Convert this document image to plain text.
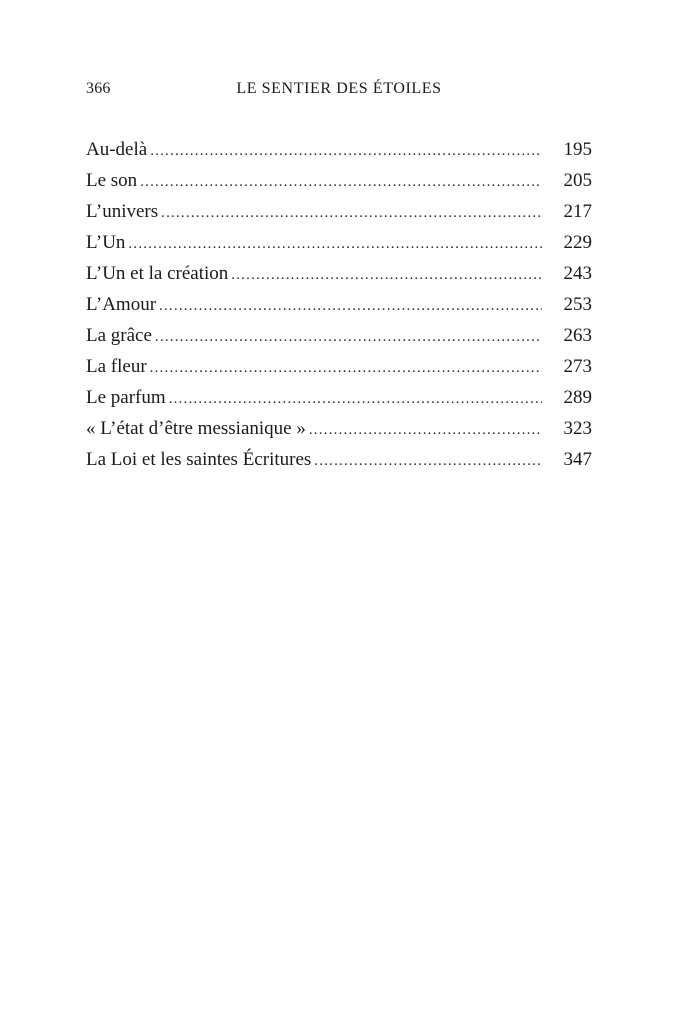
366	LE SENTIER DES ÉTOILES
Au-delà .....	195
Le son .....	205
L’univers .....	217
L’Un .....	229
L’Un et la création .....	243
L’Amour .....	253
La grâce .....	263
La fleur .....	273
Le parfum .....	289
« L’état d’être messianique » .....	323
La Loi et les saintes Écritures .....	347
